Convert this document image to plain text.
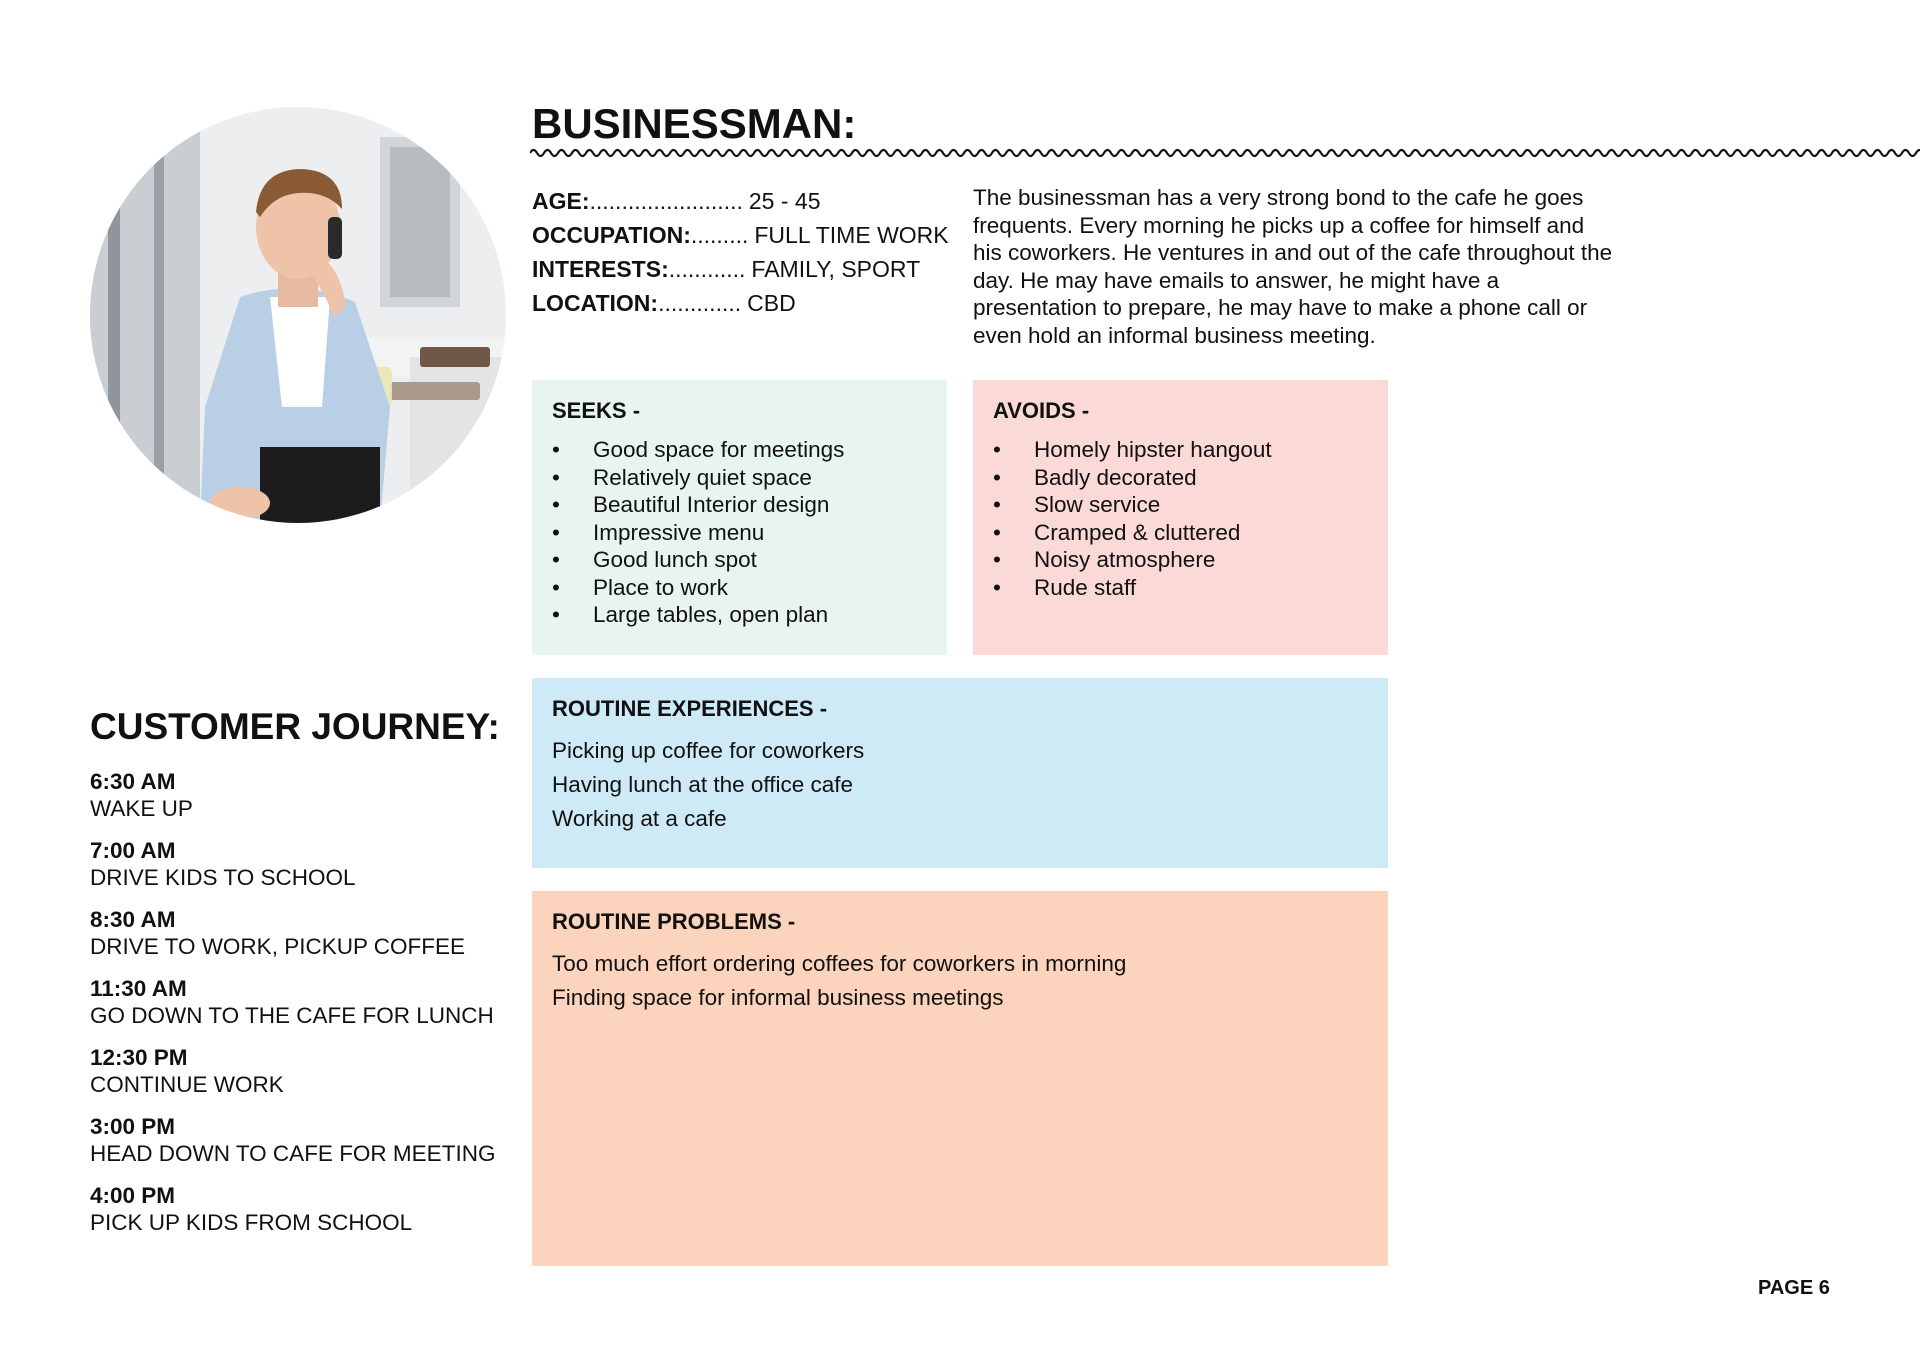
BUSINESSMAN:
AGE:........................ 25 - 45
OCCUPATION:......... FULL TIME WORK
INTERESTS:............ FAMILY, SPORT
LOCATION:............. CBD

The businessman has a very strong bond to the cafe he goes frequents. Every morning he picks up a coffee for himself and his coworkers. He ventures in and out of the cafe throughout the day. He may have emails to answer, he might have a presentation to prepare, he may have to make a phone call or even hold an informal business meeting.

SEEKS -
• Good space for meetings
• Relatively quiet space
• Beautiful Interior design
• Impressive menu
• Good lunch spot
• Place to work
• Large tables, open plan
AVOIDS -
• Homely hipster hangout
• Badly decorated
• Slow service
• Cramped & cluttered
• Noisy atmosphere
• Rude staff
ROUTINE EXPERIENCES -
Picking up coffee for coworkers
Having lunch at the office cafe
Working at a cafe
ROUTINE PROBLEMS -
Too much effort ordering coffees for coworkers in morning
Finding space for informal business meetings
CUSTOMER JOURNEY:
6:30 AM
WAKE UP
7:00 AM
DRIVE KIDS TO SCHOOL
8:30 AM
DRIVE TO WORK, PICKUP COFFEE
11:30 AM
GO DOWN TO THE CAFE FOR LUNCH
12:30 PM
CONTINUE WORK
3:00 PM
HEAD DOWN TO CAFE FOR MEETING
4:00 PM
PICK UP KIDS FROM SCHOOL
PAGE 6
